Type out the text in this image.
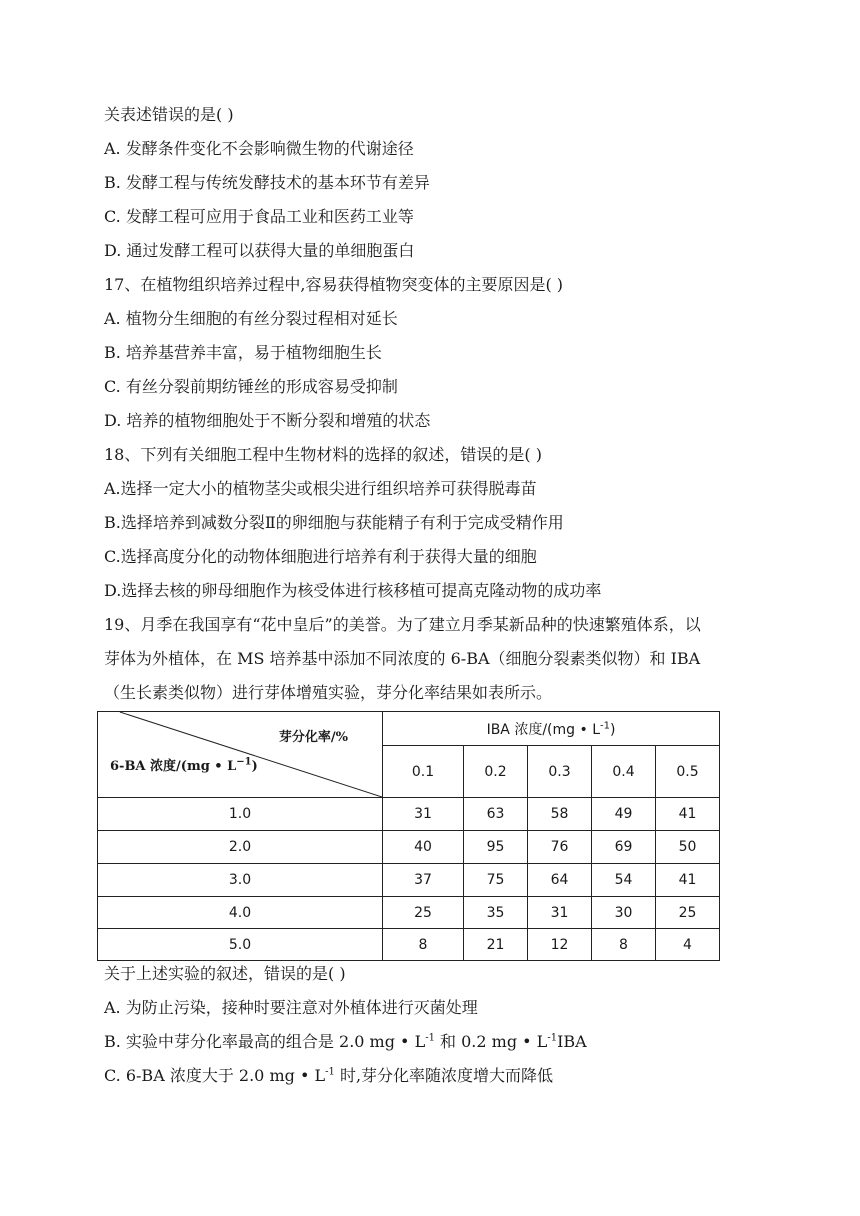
关表述错误的是( )
A. 发酵条件变化不会影响微生物的代谢途径
B. 发酵工程与传统发酵技术的基本环节有差异
C. 发酵工程可应用于食品工业和医药工业等
D. 通过发酵工程可以获得大量的单细胞蛋白
17、在植物组织培养过程中,容易获得植物突变体的主要原因是( )
A. 植物分生细胞的有丝分裂过程相对延长
B. 培养基营养丰富，易于植物细胞生长
C. 有丝分裂前期纺锤丝的形成容易受抑制
D. 培养的植物细胞处于不断分裂和增殖的状态
18、下列有关细胞工程中生物材料的选择的叙述，错误的是( )
A.选择一定大小的植物茎尖或根尖进行组织培养可获得脱毒苗
B.选择培养到减数分裂Ⅱ的卵细胞与获能精子有利于完成受精作用
C.选择高度分化的动物体细胞进行培养有利于获得大量的细胞
D.选择去核的卵母细胞作为核受体进行核移植可提高克隆动物的成功率
19、月季在我国享有“花中皇后”的美誉。为了建立月季某新品种的快速繁殖体系，以
芽体为外植体，在 MS 培养基中添加不同浓度的 6-BA（细胞分裂素类似物）和 IBA
（生长素类似物）进行芽体增殖实验，芽分化率结果如表所示。
芽分化率/%
6-BA 浓度/(mg • $L^{-1}$)	IBA 浓度/(mg • $L^{-1}$)				
	0.1	0.2	0.3	0.4	0.5
1.0	31	63	58	49	41
2.0	40	95	76	69	50
3.0	37	75	64	54	41
4.0	25	35	31	30	25
5.0	8	21	12	8	4
关于上述实验的叙述，错误的是( )
A. 为防止污染，接种时要注意对外植体进行灭菌处理
B. 实验中芽分化率最高的组合是 2.0 mg • $L^{-1}$ 和 0.2 mg • $L^{-1}IBA$
C. 6-BA 浓度大于 2.0 mg • $L^{-1}$ 时,芽分化率随浓度增大而降低
